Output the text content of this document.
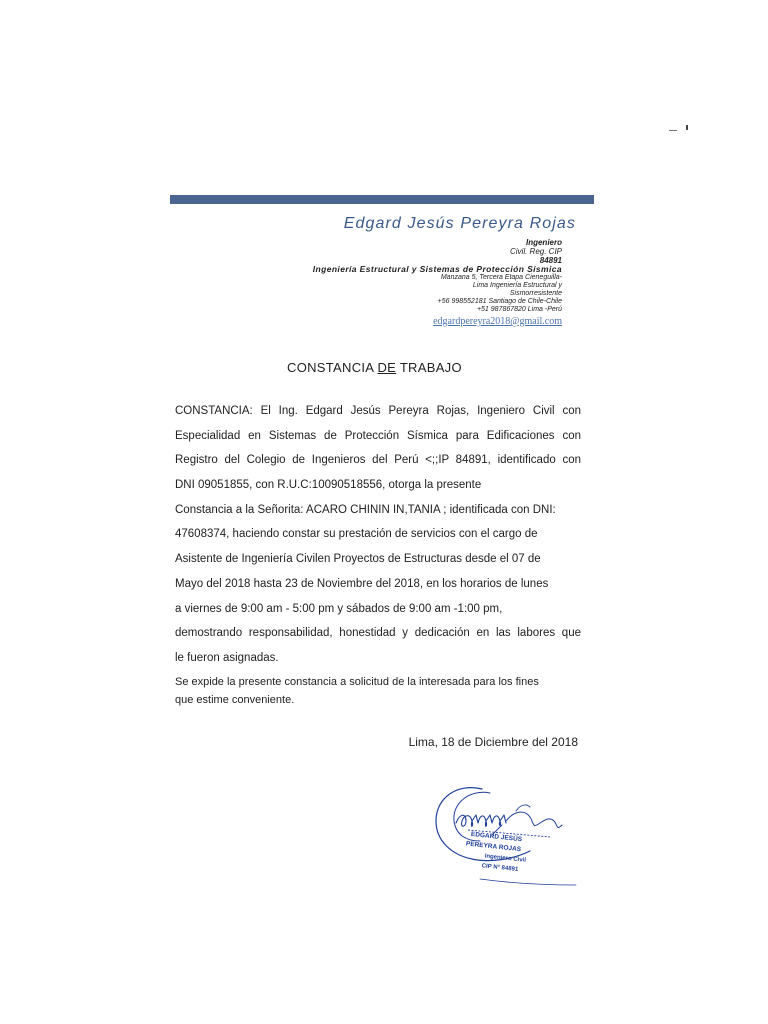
Edgard Jesús Pereyra Rojas
Ingeniero
Civil. Reg. CIP
84891
Ingeniería Estructural y Sistemas de Protección Sísmica
Manzana 5, Tercera Etapa Cieneguilla-
Lima Ingeniería Estructural y
Sismorresistente
+56 998552181 Santiago de Chile-Chile
+51 987867820 Lima -Perú
edgardpereyra2018@gmail.com
CONSTANCIA DE TRABAJO
CONSTANCIA: El Ing. Edgard Jesús Pereyra Rojas, Ingeniero Civil con
Especialidad en Sistemas de Protección Sísmica para Edificaciones con
Registro del Colegio de Ingenieros del Perú <;;IP 84891, identificado con
DNI 09051855, con R.U.C:10090518556, otorga la presente
Constancia a la Señorita: ACARO CHININ IN,TANIA ; identificada con DNI:
47608374, haciendo constar su prestación de servicios con el cargo de
Asistente de Ingeniería Civilen Proyectos de Estructuras desde el 07 de
Mayo del 2018 hasta 23 de Noviembre del 2018, en los horarios de lunes
a viernes de 9:00 am - 5:00 pm y sábados de 9:00 am -1:00 pm,
demostrando responsabilidad, honestidad y dedicación en las labores que
le fueron asignadas.
Se expide la presente constancia a solicitud de la interesada para los fines
que estime conveniente.
Lima, 18 de Diciembre del 2018
EDGARD JESÚS
PEREYRA ROJAS
Ingeniero Civil
CIP N° 84891
